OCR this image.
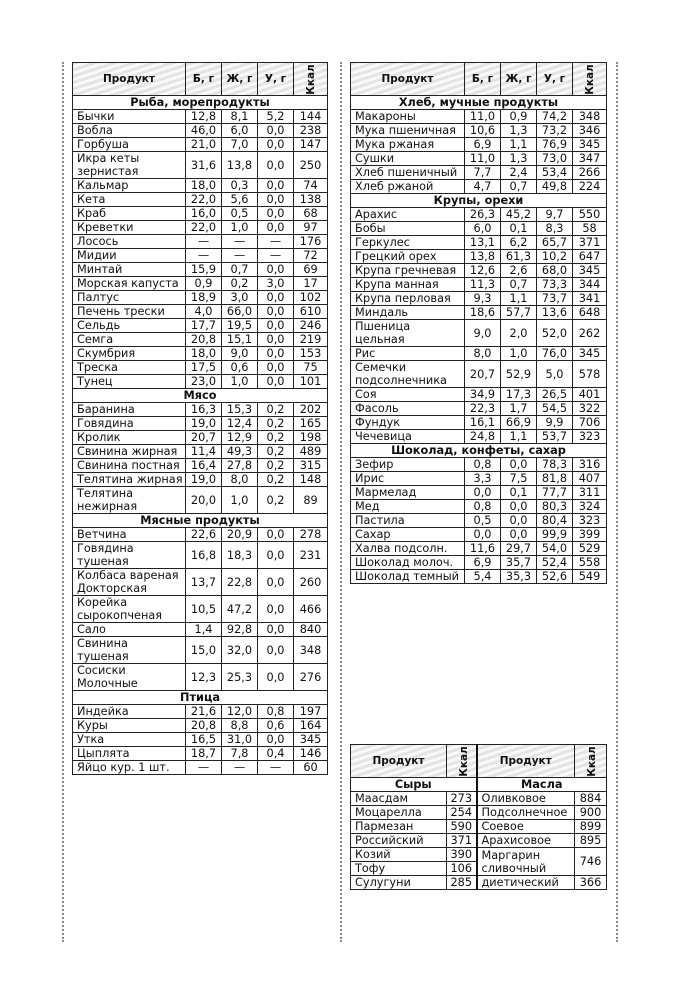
Продукт	Б, г	Ж, г	У, г	Ккал
Рыба, морепродукты				
Бычки	12,8	8,1	5,2	144
Вобла	46,0	6,0	0,0	238
Горбуша	21,0	7,0	0,0	147
Икра кеты зернистая	31,6	13,8	0,0	250
Кальмар	18,0	0,3	0,0	74
Кета	22,0	5,6	0,0	138
Краб	16,0	0,5	0,0	68
Креветки	22,0	1,0	0,0	97
Лосось	—	—	—	176
Мидии	—	—	—	72
Минтай	15,9	0,7	0,0	69
Морская капуста	0,9	0,2	3,0	17
Палтус	18,9	3,0	0,0	102
Печень трески	4,0	66,0	0,0	610
Сельдь	17,7	19,5	0,0	246
Семга	20,8	15,1	0,0	219
Скумбрия	18,0	9,0	0,0	153
Треска	17,5	0,6	0,0	75
Тунец	23,0	1,0	0,0	101
Мясо				
Баранина	16,3	15,3	0,2	202
Говядина	19,0	12,4	0,2	165
Кролик	20,7	12,9	0,2	198
Свинина жирная	11,4	49,3	0,2	489
Свинина постная	16,4	27,8	0,2	315
Телятина жирная	19,0	8,0	0,2	148
Телятина нежирная	20,0	1,0	0,2	89
Мясные продукты				
Ветчина	22,6	20,9	0,0	278
Говядина тушеная	16,8	18,3	0,0	231
Колбаса вареная Докторская	13,7	22,8	0,0	260
Корейка сырокопченая	10,5	47,2	0,0	466
Сало	1,4	92,8	0,0	840
Свинина тушеная	15,0	32,0	0,0	348
Сосиски Молочные	12,3	25,3	0,0	276
Птица				
Индейка	21,6	12,0	0,8	197
Куры	20,8	8,8	0,6	164
Утка	16,5	31,0	0,0	345
Цыплята	18,7	7,8	0,4	146
Яйцо кур. 1 шт.	—	—	—	60
Продукт	Б, г	Ж, г	У, г	Ккал
Хлеб, мучные продукты				
Макароны	11,0	0,9	74,2	348
Мука пшеничная	10,6	1,3	73,2	346
Мука ржаная	6,9	1,1	76,9	345
Сушки	11,0	1,3	73,0	347
Хлеб пшеничный	7,7	2,4	53,4	266
Хлеб ржаной	4,7	0,7	49,8	224
Крупы, орехи				
Арахис	26,3	45,2	9,7	550
Бобы	6,0	0,1	8,3	58
Геркулес	13,1	6,2	65,7	371
Грецкий орех	13,8	61,3	10,2	647
Крупа гречневая	12,6	2,6	68,0	345
Крупа манная	11,3	0,7	73,3	344
Крупа перловая	9,3	1,1	73,7	341
Миндаль	18,6	57,7	13,6	648
Пшеница цельная	9,0	2,0	52,0	262
Рис	8,0	1,0	76,0	345
Семечки подсолнечника	20,7	52,9	5,0	578
Соя	34,9	17,3	26,5	401
Фасоль	22,3	1,7	54,5	322
Фундук	16,1	66,9	9,9	706
Чечевица	24,8	1,1	53,7	323
Шоколад, конфеты, сахар				
Зефир	0,8	0,0	78,3	316
Ирис	3,3	7,5	81,8	407
Мармелад	0,0	0,1	77,7	311
Мед	0,8	0,0	80,3	324
Пастила	0,5	0,0	80,4	323
Сахар	0,0	0,0	99,9	399
Халва подсолн.	11,6	29,7	54,0	529
Шоколад молоч.	6,9	35,7	52,4	558
Шоколад темный	5,4	35,3	52,6	549
Продукт	Ккал	Продукт	Ккал
Сыры		Масла	
Маасдам	273	Оливковое	884
Моцарелла	254	Подсолнечное	900
Пармезан	590	Соевое	899
Российский	371	Арахисовое	895
Козий	390	Маргарин сливочный	746
Тофу	106		
Сулугуни	285	диетический	366
